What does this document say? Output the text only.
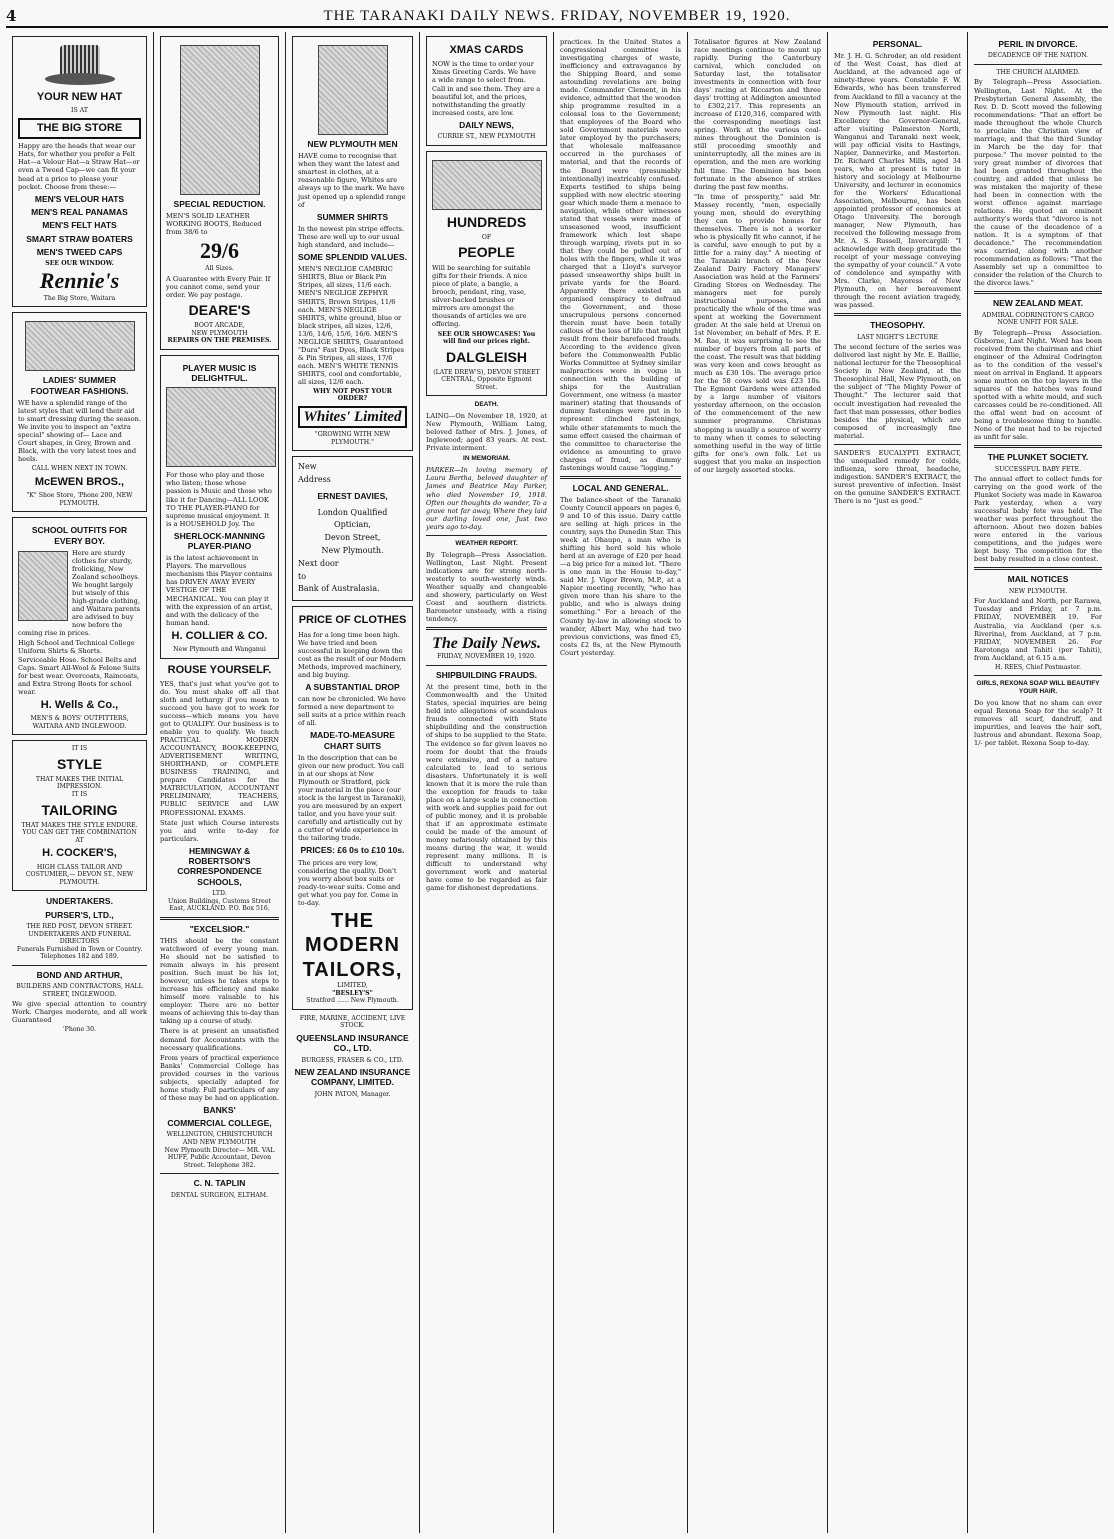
4	THE TARANAKI DAILY NEWS. FRIDAY, NOVEMBER 19, 1920.
YOUR NEW HAT
IS AT
THE BIG STORE

Happy are the heads that wear our Hats, for whether you prefer a Felt Hat—a Velour Hat—a Straw Hat—or even a Tweed Cap—we can fit your head at a price to please your pocket. Choose from these:—

MEN'S VELOUR HATS
MEN'S REAL PANAMAS
MEN'S FELT HATS
SMART STRAW BOATERS
MEN'S TWEED CAPS
SEE OUR WINDOW.
Rennie's
The Big Store, Waitara
LADIES' SUMMER FOOTWEAR FASHIONS.

WE have a splendid range of the latest styles that will lend their aid to smart dressing during the season. We invite you to inspect an "extra special" showing of— Lace and Court shapes, in Grey, Brown and Black, with the very latest toes and heels.

CALL WHEN NEXT IN TOWN.
McEWEN BROS.,
"K" Shoe Store, 'Phone 200, NEW PLYMOUTH.
SCHOOL OUTFITS FOR EVERY BOY.

Here are sturdy clothes for sturdy, frolicking, New Zealand schoolboys. We bought largely but wisely of this high-grade clothing, and Waitara parents are advised to buy now before the coming rise in prices.

High School and Technical College Uniform Shirts & Shorts. Serviceable Hose. School Belts and Caps. Smart All-Wool & Felone Suits for best wear. Overcoats, Raincoats, and Extra Strong Boots for school wear.

H. Wells & Co.,
MEN'S & BOYS' OUTFITTERS, WAITARA AND INGLEWOOD.
IT IS
STYLE
THAT MAKES THE INITIAL IMPRESSION.
IT IS
TAILORING
THAT MAKES THE STYLE ENDURE.
YOU CAN GET THE COMBINATION AT
H. COCKER'S,
HIGH CLASS TAILOR AND COSTUMIER,— DEVON ST., NEW PLYMOUTH.
UNDERTAKERS.
PURSER'S, LTD.,
THE RED POST, DEVON STREET.
UNDERTAKERS AND FUNERAL DIRECTORS
Funerals Furnished in Town or Country. Telephones 182 and 189.
BOND AND ARTHUR,
BUILDERS AND CONTRACTORS, HALL STREET, INGLEWOOD.

We give special attention to country Work. Charges moderate, and all work Guaranteed

'Phone 30.
SPECIAL REDUCTION.

MEN'S SOLID LEATHER WORKING BOOTS, Reduced from 38/6 to

29/6
All Sizes.

A Guarantee with Every Pair. If you cannot come, send your order. We pay postage.

DEARE'S
BOOT ARCADE,
NEW PLYMOUTH
REPAIRS ON THE PREMISES.
PLAYER MUSIC IS DELIGHTFUL.

For those who play and those who listen; those whose passion is Music and those who like it for Dancing—ALL LOOK TO THE PLAYER-PIANO for supreme musical enjoyment. It is a HOUSEHOLD Joy. The

SHERLOCK-MANNING PLAYER-PIANO

is the latest achievement in Players. The marvellous mechanism this Player contains has DRIVEN AWAY EVERY VESTIGE OF THE MECHANICAL. You can play it with the expression of an artist, and with the delicacy of the human hand.

H. COLLIER & CO.
New Plymouth and Wanganui
ROUSE YOURSELF.

YES, that's just what you've got to do. You must shake off all that sloth and lethargy if you mean to succeed you have got to work for success—which means you have got to QUALIFY. Our business is to enable you to qualify. We teach PRACTICAL MODERN ACCOUNTANCY, BOOK-KEEPING, ADVERTISEMENT WRITING, SHORTHAND, or COMPLETE BUSINESS TRAINING, and prepare Candidates for the MATRICULATION, ACCOUNTANT PRELIMINARY, TEACHERS, PUBLIC SERVICE and LAW PROFESSIONAL EXAMS.

State just which Course interests you and write to-day for particulars.

HEMINGWAY & ROBERTSON'S CORRESPONDENCE SCHOOLS,
LTD.
Union Buildings, Customs Street East, AUCKLAND. P.O. Box 516.
"EXCELSIOR."

THIS should be the constant watchword of every young man. He should not be satisfied to remain always in his present position. Such must be his lot, however, unless he takes steps to increase his efficiency and make himself more valuable to his employer. There are no better means of achieving this to-day than taking up a course of study.

There is at present an unsatisfied demand for Accountants with the necessary qualifications.

From years of practical experience Banks' Commercial College has provided courses in the various subjects, specially adapted for home study. Full particulars of any of these may be had on application.

BANKS'
COMMERCIAL COLLEGE,
WELLINGTON, CHRISTCHURCH AND NEW PLYMOUTH
New Plymouth Director— MR. VAL HUFF, Public Accountant, Devon Street. Telephone 382.
C. N. TAPLIN
DENTAL SURGEON, ELTHAM.
NEW PLYMOUTH MEN

HAVE come to recognise that when they want the latest and smartest in clothes, at a reasonable figure, Whites are always up to the mark. We have just opened up a splendid range of

SUMMER SHIRTS

In the newest pin stripe effects. These are well up to our usual high standard, and include—

SOME SPLENDID VALUES.

MEN'S NEGLIGE CAMBRIC SHIRTS, Blue or Black Pin Stripes, all sizes, 11/6 each. MEN'S NEGLIGE ZEPHYR SHIRTS, Brown Stripes, 11/6 each. MEN'S NEGLIGE SHIRTS, white ground, blue or black stripes, all sizes, 12/6, 13/6, 14/6, 15/6, 16/6. MEN'S NEGLIGE SHIRTS, Guaranteed "Dura" Fast Dyes, Black Stripes & Pin Stripes, all sizes, 17/6 each. MEN'S WHITE TENNIS SHIRTS, cool and comfortable, all sizes, 12/6 each.

WHY NOT POST YOUR ORDER?
Whites' Limited
"GROWING WITH NEW PLYMOUTH."
New
Address
ERNEST DAVIES,
London Qualified Optician,
Devon Street,
New Plymouth.
Next door
to
Bank of Australasia.
PRICE OF CLOTHES

Has for a long time been high. We have tried and been successful in keeping down the cost as the result of our Modern Methods, improved machinery, and big buying.

A SUBSTANTIAL DROP

can now be chronicled. We have formed a new department to sell suits at a price within reach of all.

MADE-TO-MEASURE CHART SUITS

In the description that can be given our new product. You call in at our shops at New Plymouth or Stratford, pick your material in the piece (our stock is the largest in Taranaki), you are measured by an expert tailor, and you have your suit carefully and artistically cut by a cutter of wide experience in the tailoring trade.

PRICES: £6 0s to £10 10s.

The prices are very low, considering the quality. Don't you worry about box suits or ready-to-wear suits. Come and get what you pay for. Come in to-day.

THE MODERN TAILORS,
LIMITED,
"BESLEY'S"
Stratford ...... New Plymouth.
FIRE, MARINE, ACCIDENT, LIVE STOCK.
QUEENSLAND INSURANCE CO., LTD.
BURGESS, FRASER & CO., LTD.
NEW ZEALAND INSURANCE COMPANY, LIMITED.
JOHN PATON, Manager.
XMAS CARDS

NOW is the time to order your Xmas Greeting Cards. We have a wide range to select from. Call in and see them. They are a beautiful lot, and the prices, notwithstanding the greatly increased costs, are low.

DAILY NEWS,
CURRIE ST., NEW PLYMOUTH
HUNDREDS
OF
PEOPLE

Will be searching for suitable gifts for their friends. A nice piece of plate, a bangle, a brooch, pendant, ring, vase, silver-backed brushes or mirrors are amongst the thousands of articles we are offering.

SEE OUR SHOWCASES! You will find our prices right.
DALGLEISH
(LATE DREW'S), DEVON STREET CENTRAL, Opposite Egmont Street.
DEATH.

LAING—On November 18, 1920, at New Plymouth, William Laing, beloved father of Mrs. J. Jones, of Inglewood; aged 83 years. At rest. Private interment.

IN MEMORIAM.

PARKER—In loving memory of Laura Bertha, beloved daughter of James and Beatrice May Parker, who died November 19, 1918. Often our thoughts do wander, To a grave not far away, Where they laid our darling loved one, Just two years ago to-day.

WEATHER REPORT.

By Telegraph—Press Association. Wellington, Last Night. Present indications are for strong north-westerly to south-westerly winds. Weather squally and changeable and showery, particularly on West Coast and southern districts. Barometer unsteady, with a rising tendency.

The Daily News.
FRIDAY, NOVEMBER 19, 1920.
SHIPBUILDING FRAUDS.

At the present time, both in the Commonwealth and the United States, special inquiries are being held into allegations of scandalous frauds connected with State shipbuilding and the construction of ships to be supplied to the State. The evidence so far given leaves no room for doubt that the frauds were extensive, and of a nature calculated to lead to serious disasters. Unfortunately it is well known that it is more the rule than the exception for frauds to take place on a large scale in connection with work and supplies paid for out of public money, and it is probable that if an approximate estimate could be made of the amount of money nefariously obtained by this means during the war, it would represent many millions. It is difficult to understand why government work and material have come to be regarded as fair game for dishonest depredations.

practices. In the United States a congressional committee is investigating charges of waste, inefficiency and extravagance by the Shipping Board, and some astounding revelations are being made. Commander Clement, in his evidence, admitted that the wooden ship programme resulted in a colossal loss to the Government; that employees of the Board who sold Government materials were later employed by the purchasers; that wholesale malfeasance occurred in the purchases of material, and that the records of the Board were (presumably intentionally) inextricably confused. Experts testified to ships being supplied with new electric steering gear which made them a menace to navigation, while other witnesses stated that vessels were made of unseasoned wood, insufficient framework which lost shape through warping, rivets put in so that they could be pulled out of holes with the fingers, while it was charged that a Lloyd's surveyor passed unseaworthy ships built in private yards for the Board. Apparently there existed an organised conspiracy to defraud the Government, and those unscrupulous persons concerned therein must have been totally callous of the loss of life that might result from their barefaced frauds. According to the evidence given before the Commonwealth Public Works Committee at Sydney similar malpractices were in vogue in connection with the building of ships for the Australian Government, one witness (a master mariner) stating that thousands of dummy fastenings were put in to represent clinched fastenings, while other statements to much the same effect caused the chairman of the committee to characterise the evidence as amounting to grave charges of fraud, as dummy fastenings would cause "logging."

LOCAL AND GENERAL.

The balance-sheet of the Taranaki County Council appears on pages 6, 9 and 10 of this issue. Dairy cattle are selling at high prices in the country, says the Dunedin Star. This week at Ohaupo, a man who is shifting his herd sold his whole herd at an average of £20 per head—a big price for a mixed lot. "There is one man in the House to-day," said Mr. J. Vigor Brown, M.P., at a Napier meeting recently, "who has given more than his share to the public, and who is always doing something." For a breach of the County by-law in allowing stock to wander, Albert May, who had two previous convictions, was fined £5, costs £2 8s, at the New Plymouth Court yesterday.

Totalisator figures at New Zealand race meetings continue to mount up rapidly. During the Canterbury carnival, which concluded on Saturday last, the totalisator investments in connection with four days' racing at Riccarton and three days' trotting at Addington amounted to £302,217. This represents an increase of £120,316, compared with the corresponding meetings last spring. Work at the various coal-mines throughout the Dominion is still proceeding smoothly and uninterruptedly, all the mines are in operation, and the men are working full time. The Dominion has been fortunate in the absence of strikes during the past few months.

"In time of prosperity," said Mr. Massey recently, "men, especially young men, should do everything they can to provide homes for themselves. There is not a worker who is physically fit who cannot, if he is careful, save enough to put by a little for a rainy day." A meeting of the Taranaki branch of the New Zealand Dairy Factory Managers' Association was held at the Farmers' Grading Stores on Wednesday. The managers met for purely instructional purposes, and practically the whole of the time was spent at working the Government grader. At the sale held at Urenui on 1st November, on behalf of Mrs. P. E. M. Rae, it was surprising to see the number of buyers from all parts of the coast. The result was that bidding was very keen and cows brought as much as £30 10s. The average price for the 58 cows sold was £23 10s. The Egmont Gardens were attended by a large number of visitors yesterday afternoon, on the occasion of the commencement of the new summer programme. Christmas shopping is usually a source of worry to many when it comes to selecting something useful in the way of little gifts for one's own folk. Let us suggest that you make an inspection of our largely assorted stocks.

PERSONAL.

Mr. J. H. G. Schroder, an old resident of the West Coast, has died at Auckland, at the advanced age of ninety-three years. Constable F. W. Edwards, who has been transferred from Auckland to fill a vacancy at the New Plymouth station, arrived in New Plymouth last night. His Excellency the Governor-General, after visiting Palmerston North, Wanganui and Taranaki next week, will pay official visits to Hastings, Napier, Dannevirke, and Masterton. Dr. Richard Charles Mills, aged 34 years, who at present is tutor in history and sociology at Melbourne University, and lecturer in economics for the Workers' Educational Association, Melbourne, has been appointed professor of economics at Otago University. The borough manager, New Plymouth, has received the following message from Mr. A. S. Russell, Invercargill: "I acknowledge with deep gratitude the receipt of your message conveying the sympathy of your council." A vote of condolence and sympathy with Mrs. Clarke, Mayoress of New Plymouth, on her bereavement through the recent aviation tragedy, was passed.

THEOSOPHY.
LAST NIGHT'S LECTURE

The second lecture of the series was delivered last night by Mr. E. Baillie, national lecturer for the Theosophical Society in New Zealand, at the Theosophical Hall, New Plymouth, on the subject of "The Mighty Power of Thought." The lecturer said that occult investigation had revealed the fact that man possesses, other bodies besides the physical, which are composed of increasingly fine material.

SANDER'S EUCALYPTI EXTRACT, the unequalled remedy for colds, influenza, sore throat, headache, indigestion. SANDER'S EXTRACT, the surest preventive of infection. Insist on the genuine SANDER'S EXTRACT. There is no "just as good."

PERIL IN DIVORCE.
DECADENCE OF THE NATION.
THE CHURCH ALARMED.

By Telegraph—Press Association. Wellington, Last Night. At the Presbyterian General Assembly, the Rev. D. D. Scott moved the following recommendations: "That an effort be made throughout the whole Church to proclaim the Christian view of marriage, and that the third Sunday in March be the day for that purpose." The mover pointed to the very great number of divorces that had been granted throughout the country, and added that unless he was mistaken the majority of these had been in connection with the worst offence against marriage relations. He quoted an eminent authority's words that "divorce is not the cause of the decadence of a nation. It is a symptom of that decadence." The recommendation was carried, along with another recommendation as follows: "That the Assembly set up a committee to consider the relation of the Church to the divorce laws."

NEW ZEALAND MEAT.
ADMIRAL CODRINGTON'S CARGO
NONE UNFIT FOR SALE.

By Telegraph—Press Association. Gisborne, Last Night. Word has been received from the chairman and chief engineer of the Admiral Codrington as to the condition of the vessel's meat on arrival in England. It appears some mutton on the top layers in the squares of the hatches was found spotted with a white mould, and such carcasses could be re-conditioned. All the offal went bad on account of being a troublesome thing to handle. None of the meat had to be rejected as unfit for sale.

THE PLUNKET SOCIETY.
SUCCESSFUL BABY FETE.

The annual effort to collect funds for carrying on the good work of the Plunket Society was made in Kawaroa Park yesterday, when a very successful baby fete was held. The weather was perfect throughout the afternoon. About two dozen babies were entered in the various competitions, and the judges were kept busy. The competition for the best baby resulted in a close contest.

MAIL NOTICES
NEW PLYMOUTH.

For Auckland and North, per Rarawa, Tuesday and Friday, at 7 p.m. FRIDAY, NOVEMBER 19. For Australia, via Auckland (per s.s. Riverina), from Auckland, at 7 p.m. FRIDAY, NOVEMBER 26. For Rarotonga and Tahiti (per Tahiti), from Auckland, at 6.15 a.m.

H. REES, Chief Postmaster.
GIRLS, REXONA SOAP WILL BEAUTIFY YOUR HAIR.

Do you know that no sham can ever equal Rexona Soap for the scalp? It removes all scurf, dandruff, and impurities, and leaves the hair soft, lustrous and abundant. Rexona Soap, 1/- per tablet. Rexona Soap to-day.
